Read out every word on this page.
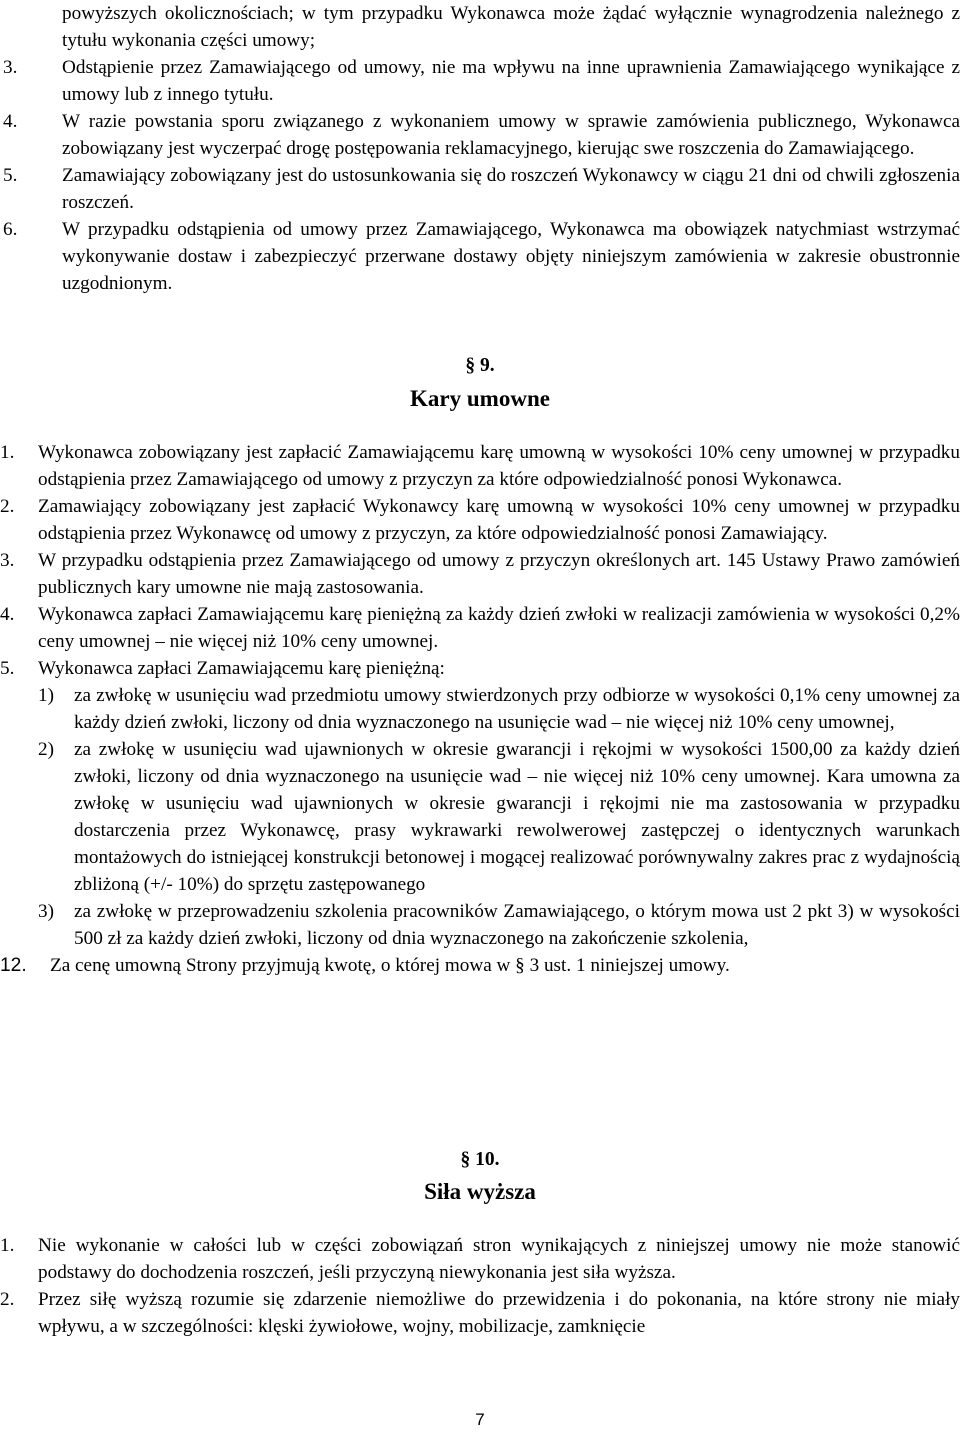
powyższych okolicznościach; w tym przypadku Wykonawca może żądać wyłącznie wynagrodzenia należnego z tytułu wykonania części umowy;
3. Odstąpienie przez Zamawiającego od umowy, nie ma wpływu na inne uprawnienia Zamawiającego wynikające z umowy lub z innego tytułu.
4. W razie powstania sporu związanego z wykonaniem umowy w sprawie zamówienia publicznego, Wykonawca zobowiązany jest wyczerpać drogę postępowania reklamacyjnego, kierując swe roszczenia do Zamawiającego.
5. Zamawiający zobowiązany jest do ustosunkowania się do roszczeń Wykonawcy w ciągu 21 dni od chwili zgłoszenia roszczeń.
6. W przypadku odstąpienia od umowy przez Zamawiającego, Wykonawca ma obowiązek natychmiast wstrzymać wykonywanie dostaw i zabezpieczyć przerwane dostawy objęty niniejszym zamówienia w zakresie obustronnie uzgodnionym.
§ 9.
Kary umowne
1. Wykonawca zobowiązany jest zapłacić Zamawiającemu karę umowną w wysokości 10% ceny umownej w przypadku odstąpienia przez Zamawiającego od umowy z przyczyn za które odpowiedzialność ponosi Wykonawca.
2. Zamawiający zobowiązany jest zapłacić Wykonawcy karę umowną w wysokości 10% ceny umownej w przypadku odstąpienia przez Wykonawcę od umowy z przyczyn, za które odpowiedzialność ponosi Zamawiający.
3. W przypadku odstąpienia przez Zamawiającego od umowy z przyczyn określonych art. 145 Ustawy Prawo zamówień publicznych kary umowne nie mają zastosowania.
4. Wykonawca zapłaci Zamawiającemu karę pieniężną za każdy dzień zwłoki w realizacji zamówienia w wysokości 0,2% ceny umownej – nie więcej niż 10% ceny umownej.
5. Wykonawca zapłaci Zamawiającemu karę pieniężną:
1) za zwłokę w usunięciu wad przedmiotu umowy stwierdzonych przy odbiorze w wysokości 0,1% ceny umownej za każdy dzień zwłoki, liczony od dnia wyznaczonego na usunięcie wad – nie więcej niż 10% ceny umownej,
2) za zwłokę w usunięciu wad ujawnionych w okresie gwarancji i rękojmi w wysokości 1500,00 za każdy dzień zwłoki, liczony od dnia wyznaczonego na usunięcie wad – nie więcej niż 10% ceny umownej. Kara umowna za zwłokę w usunięciu wad ujawnionych w okresie gwarancji i rękojmi nie ma zastosowania w przypadku dostarczenia przez Wykonawcę, prasy wykrawarki rewolwerowej zastępczej o identycznych warunkach montażowych do istniejącej konstrukcji betonowej i mogącej realizować porównywalny zakres prac z wydajnością zbliżoną (+/- 10%) do sprzętu zastępowanego
3) za zwłokę w przeprowadzeniu szkolenia pracowników Zamawiającego, o którym mowa ust 2 pkt 3) w wysokości 500 zł za każdy dzień zwłoki, liczony od dnia wyznaczonego na zakończenie szkolenia,
12. Za cenę umowną Strony przyjmują kwotę, o której mowa w § 3 ust. 1 niniejszej umowy.
§ 10.
Siła wyższa
1. Nie wykonanie w całości lub w części zobowiązań stron wynikających z niniejszej umowy nie może stanowić podstawy do dochodzenia roszczeń, jeśli przyczyną niewykonania jest siła wyższa.
2. Przez siłę wyższą rozumie się zdarzenie niemożliwe do przewidzenia i do pokonania, na które strony nie miały wpływu, a w szczególności: klęski żywiołowe, wojny, mobilizacje, zamknięcie
7
